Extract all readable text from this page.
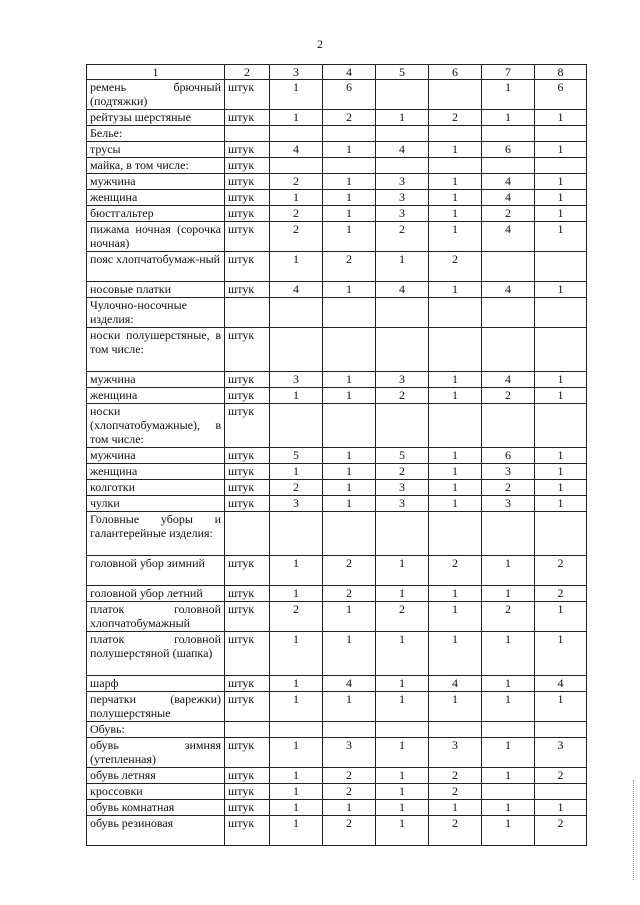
2
1	2	3	4	5	6	7	8
ремень брючный (подтяжки)	штук	1	6			1	6
рейтузы шерстяные	штук	1	2	1	2	1	1
Белье:							
трусы	штук	4	1	4	1	6	1
майка, в том числе:	штук						
мужчина	штук	2	1	3	1	4	1
женщина	штук	1	1	3	1	4	1
бюстгальтер	штук	2	1	3	1	2	1
пижама ночная (сорочка ночная)	штук	2	1	2	1	4	1
пояс хлопчатобумаж-ный	штук	1	2	1	2		
носовые платки	штук	4	1	4	1	4	1
Чулочно-носочные изделия:							
носки полушерстяные, в том числе:	штук						
мужчина	штук	3	1	3	1	4	1
женщина	штук	1	1	2	1	2	1
носки (хлопчатобумажные), в том числе:	штук						
мужчина	штук	5	1	5	1	6	1
женщина	штук	1	1	2	1	3	1
колготки	штук	2	1	3	1	2	1
чулки	штук	3	1	3	1	3	1
Головные уборы и галантерейные изделия:							
головной убор зимний	штук	1	2	1	2	1	2
головной убор летний	штук	1	2	1	1	1	2
платок головной хлопчатобумажный	штук	2	1	2	1	2	1
платок головной полушерстяной (шапка)	штук	1	1	1	1	1	1
шарф	штук	1	4	1	4	1	4
перчатки (варежки) полушерстяные	штук	1	1	1	1	1	1
Обувь:							
обувь зимняя (утепленная)	штук	1	3	1	3	1	3
обувь летняя	штук	1	2	1	2	1	2
кроссовки	штук	1	2	1	2		
обувь комнатная	штук	1	1	1	1	1	1
обувь резиновая	штук	1	2	1	2	1	2
